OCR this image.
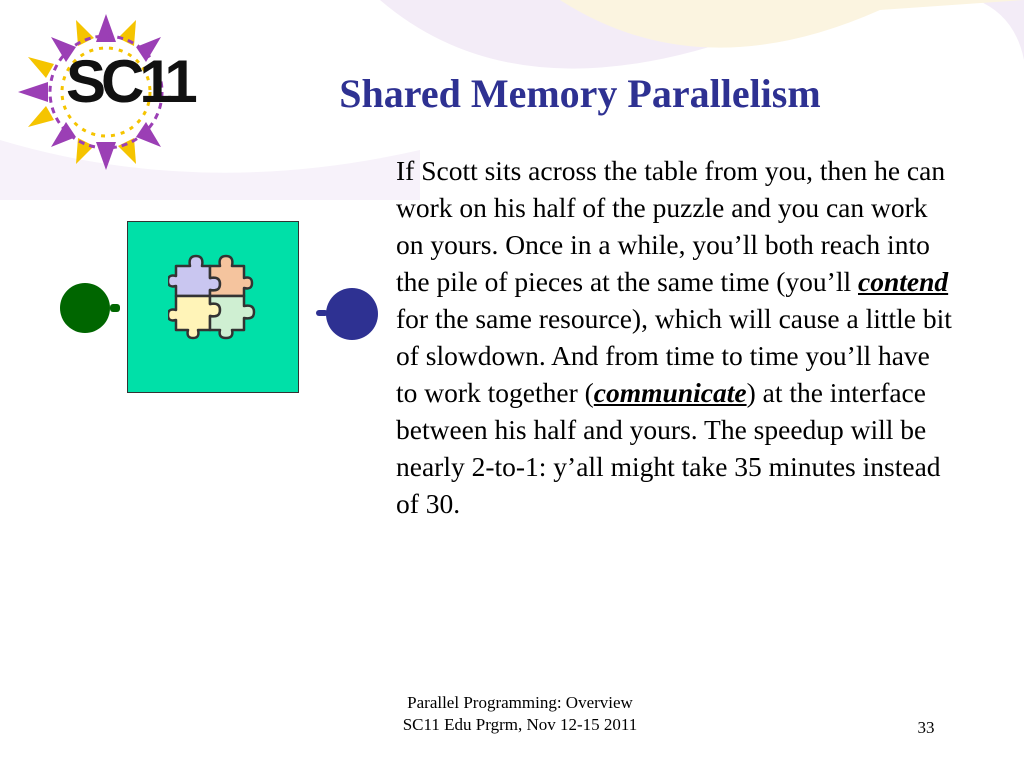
SC11	Shared Memory Parallelism

If Scott sits across the table from you, then he can work on his half of the puzzle and you can work on yours. Once in a while, you’ll both reach into the pile of pieces at the same time (you’ll contend for the same resource), which will cause a little bit of slowdown. And from time to time you’ll have to work together (communicate) at the interface between his half and yours. The speedup will be nearly 2-to-1: y’all might take 35 minutes instead of 30.

Parallel Programming: Overview
SC11 Edu Prgrm, Nov 12-15 2011	33
